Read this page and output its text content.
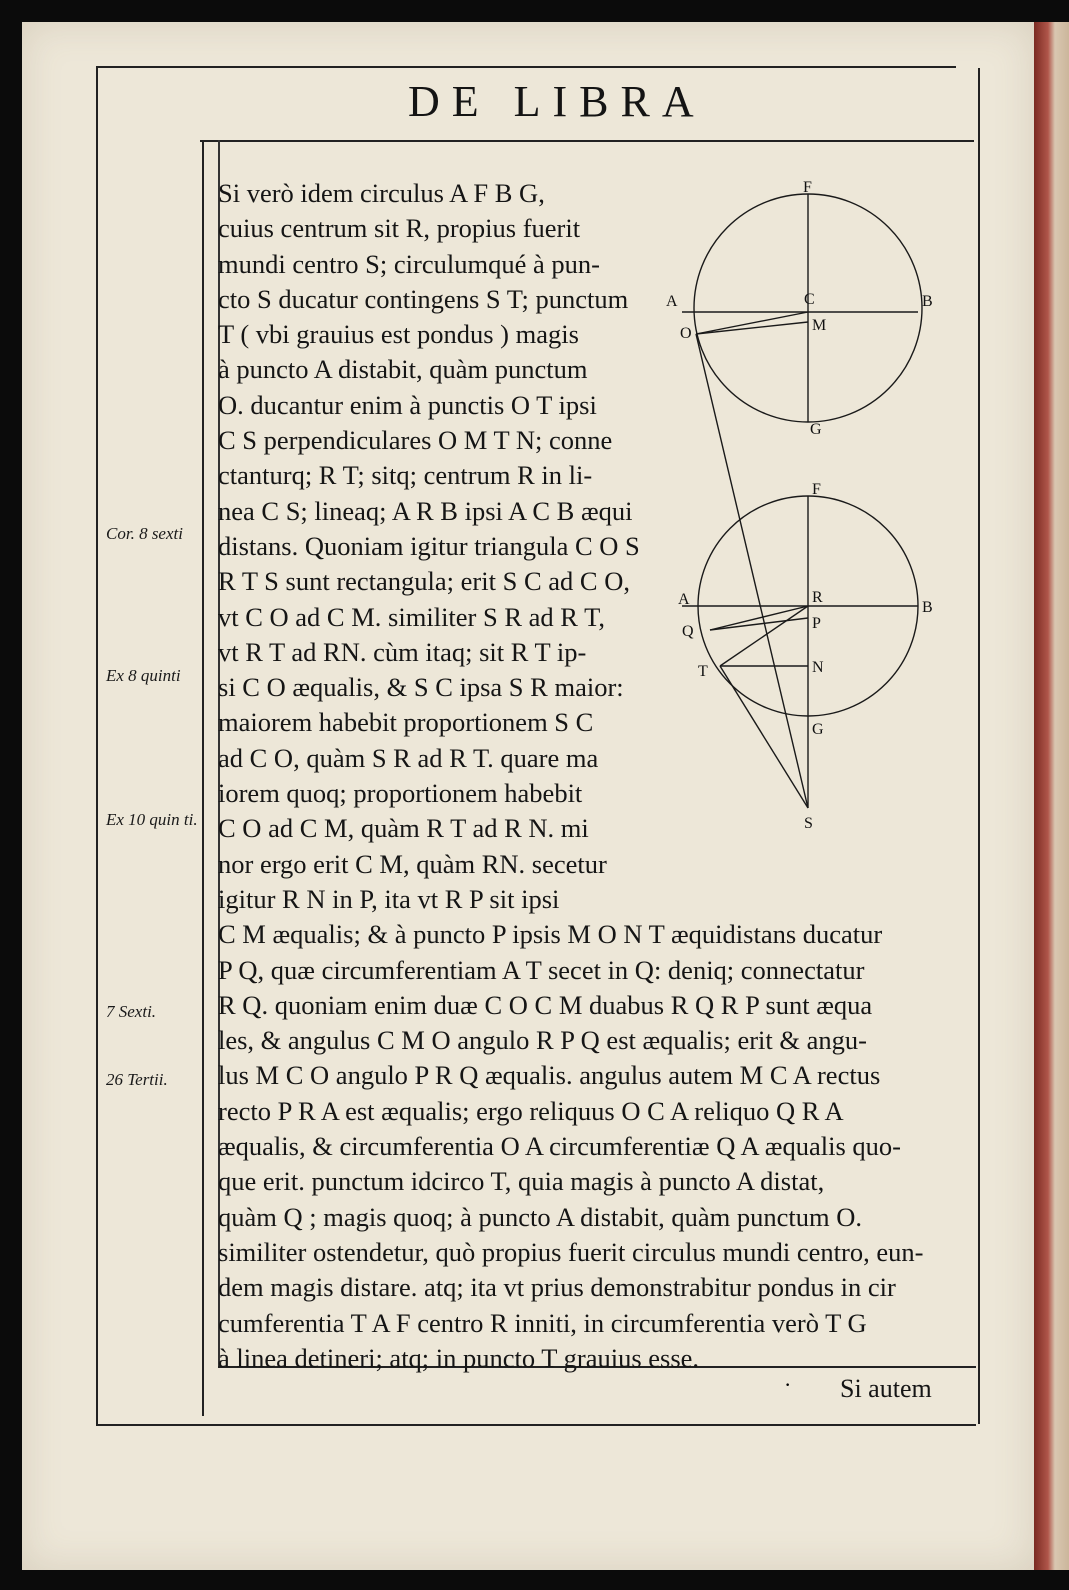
DE LIBRA
Cor. 8 sexti
Ex 8 quinti
Ex 10 quin ti.
7 Sexti.
26 Tertii.
Si verò idem circulus A F B G,
cuius centrum sit R, propius fuerit
mundi centro S; circulumqué à pun-
cto S ducatur contingens S T; punctum
T ( vbi grauius est pondus ) magis
à puncto A distabit, quàm punctum
O. ducantur enim à punctis O T ipsi
C S perpendiculares O M T N; conne
ctanturq; R T; sitq; centrum R in li-
nea C S; lineaq; A R B ipsi A C B æqui
distans. Quoniam igitur triangula C O S
R T S sunt rectangula; erit S C ad C O,
vt C O ad C M. similiter S R ad R T,
vt R T ad RN. cùm itaq; sit R T ip-
si C O æqualis, & S C ipsa S R maior:
maiorem habebit proportionem S C
ad C O, quàm S R ad R T. quare ma
iorem quoq; proportionem habebit
C O ad C M, quàm R T ad R N. mi
nor ergo erit C M, quàm RN. secetur
igitur R N in P, ita vt R P sit ipsi
C M æqualis; & à puncto P ipsis M O N T æquidistans ducatur
P Q, quæ circumferentiam A T secet in Q: deniq; connectatur
R Q. quoniam enim duæ C O C M duabus R Q R P sunt æqua
les, & angulus C M O angulo R P Q est æqualis; erit & angu-
lus M C O angulo P R Q æqualis. angulus autem M C A rectus
recto P R A est æqualis; ergo reliquus O C A reliquo Q R A
æqualis, & circumferentia O A circumferentiæ Q A æqualis quo-
que erit. punctum idcirco T, quia magis à puncto A distat,
quàm Q ; magis quoq; à puncto A distabit, quàm punctum O.
similiter ostendetur, quò propius fuerit circulus mundi centro, eun-
dem magis distare. atq; ita vt prius demonstrabitur pondus in cir
cumferentia T A F centro R inniti, in circumferentia verò T G
à linea detineri; atq; in puncto T grauius esse.
F
A	C	B
O	M
G
F
A	R
B
Q	P
T	N
G
S
· Si autem
